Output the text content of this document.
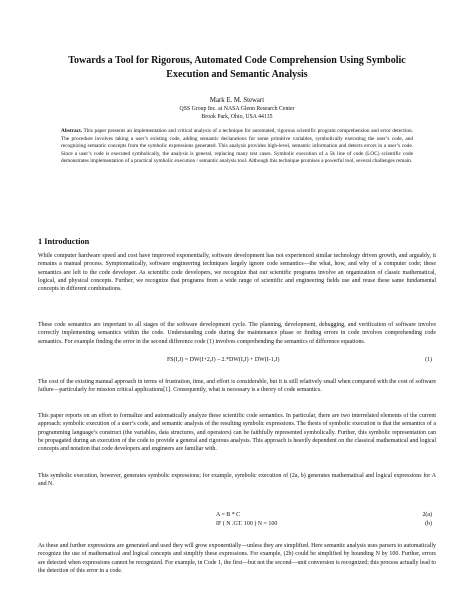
Towards a Tool for Rigorous, Automated Code Comprehension Using Symbolic Execution and Semantic Analysis
Mark E. M. Stewart
QSS Group Inc. at NASA Glenn Research Center
Brook Park, Ohio, USA 44135
Abstract. This paper presents an implementation and critical analysis of a technique for automated, rigorous scientific program comprehension and error detection. The procedure involves taking a user’s existing code, adding semantic declarations for some primitive variables, symbolically executing the user’s code, and recognizing semantic concepts from the symbolic expressions generated. This analysis provides high-level, semantic information and detects errors in a user’s code. Since a user’s code is executed symbolically, the analysis is general, replacing many test cases. Symbolic execution of a 5k line of code (LOC) scientific code demonstrates implementation of a practical symbolic execution / semantic analysis tool. Although this technique promises a powerful tool, several challenges remain.
1 Introduction
While computer hardware speed and cost have improved exponentially, software development has not experienced similar technology driven growth, and arguably, it remains a manual process. Symptomatically, software engineering techniques largely ignore code semantics—the what, how, and why of a computer code; these semantics are left to the code developer. As scientific code developers, we recognize that our scientific programs involve an organization of classic mathematical, logical, and physical concepts. Further, we recognize that programs from a wide range of scientific and engineering fields use and reuse these same fundamental concepts in different combinations.
These code semantics are important to all stages of the software development cycle. The planning, development, debugging, and verification of software involve correctly implementing semantics within the code. Understanding code during the maintenance phase or finding errors in code involves comprehending code semantics. For example finding the error in the second difference code (1) involves comprehending the semantics of difference equations.
FS(I,J) = DW(I+2,J) – 2.*DW(I,J) + DW(I-1,J)	(1)
The cost of the existing manual approach in terms of frustration, time, and effort is considerable, but it is still relatively small when compared with the cost of software failure—particularly for mission critical applications[1]. Consequently, what is necessary is a theory of code semantics.
This paper reports on an effort to formalize and automatically analyze these scientific code semantics. In particular, there are two interrelated elements of the current approach: symbolic execution of a user’s code, and semantic analysis of the resulting symbolic expressions. The thesis of symbolic execution is that the semantics of a programming language’s construct (the variables, data structures, and operators) can be faithfully represented symbolically. Further, this symbolic representation can be propagated during an execution of the code to provide a general and rigorous analysis. This approach is heavily dependent on the classical mathematical and logical concepts and notation that code developers and engineers are familiar with.
This symbolic execution, however, generates symbolic expressions; for example, symbolic execution of (2a, b) generates mathematical and logical expressions for A and N.
A = B * C	2(a)
IF ( N .GT. 100 ) N = 100	(b)
As these and further expressions are generated and used they will grow exponentially—unless they are simplified. Here semantic analysis uses parsers to automatically recognize the use of mathematical and logical concepts and simplify these expressions. For example, (2b) could be simplified by bounding N by 100. Further, errors are detected when expressions cannot be recognized. For example, in Code 1, the first—but not the second—unit conversion is recognized; this process actually lead to the detection of this error in a code.
